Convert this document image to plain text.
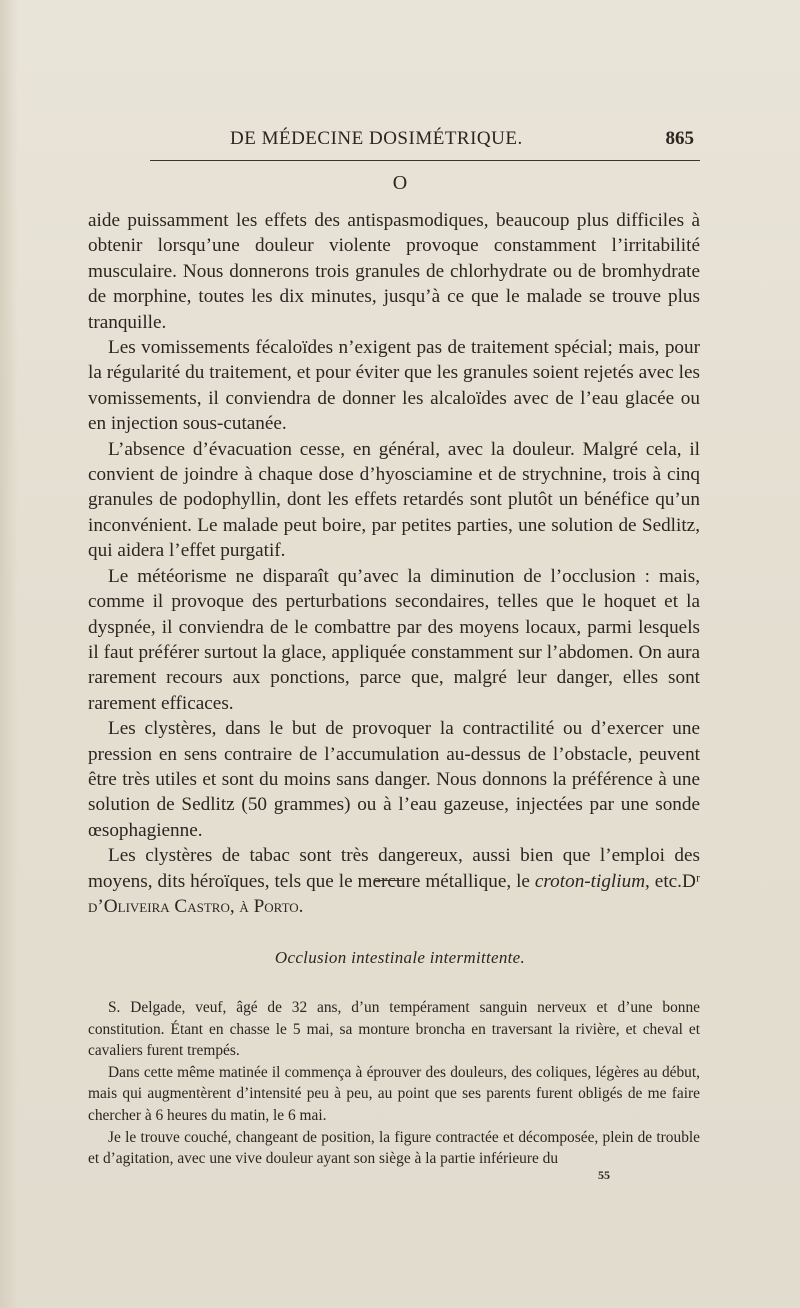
DE MÉDECINE DOSIMÉTRIQUE.	865
O

aide puissamment les effets des antispasmodiques, beaucoup plus difficiles à obtenir lorsqu’une douleur violente provoque constamment l’irritabilité musculaire. Nous donnerons trois granules de chlorhydrate ou de bromhydrate de morphine, toutes les dix minutes, jusqu’à ce que le malade se trouve plus tranquille.

Les vomissements fécaloïdes n’exigent pas de traitement spécial; mais, pour la régularité du traitement, et pour éviter que les granules soient rejetés avec les vomissements, il conviendra de donner les alcaloïdes avec de l’eau glacée ou en injection sous-cutanée.

L’absence d’évacuation cesse, en général, avec la douleur. Malgré cela, il convient de joindre à chaque dose d’hyosciamine et de strychnine, trois à cinq granules de podophyllin, dont les effets retardés sont plutôt un bénéfice qu’un inconvénient. Le malade peut boire, par petites parties, une solution de Sedlitz, qui aidera l’effet purgatif.

Le météorisme ne disparaît qu’avec la diminution de l’occlusion : mais, comme il provoque des perturbations secondaires, telles que le hoquet et la dyspnée, il conviendra de le combattre par des moyens locaux, parmi lesquels il faut préférer surtout la glace, appliquée constamment sur l’abdomen. On aura rarement recours aux ponctions, parce que, malgré leur danger, elles sont rarement efficaces.

Les clystères, dans le but de provoquer la contractilité ou d’exercer une pression en sens contraire de l’accumulation au-dessus de l’obstacle, peuvent être très utiles et sont du moins sans danger. Nous donnons la préférence à une solution de Sedlitz (50 grammes) ou à l’eau gazeuse, injectées par une sonde œsophagienne.

Les clystères de tabac sont très dangereux, aussi bien que l’emploi des moyens, dits héroïques, tels que le mercure métallique, le croton-tiglium, etc.Dʳ d’Oliveira Castro, à Porto.

Occlusion intestinale intermittente.

S. Delgade, veuf, âgé de 32 ans, d’un tempérament sanguin nerveux et d’une bonne constitution. Étant en chasse le 5 mai, sa monture broncha en traversant la rivière, et cheval et cavaliers furent trempés.

Dans cette même matinée il commença à éprouver des douleurs, des coliques, légères au début, mais qui augmentèrent d’intensité peu à peu, au point que ses parents furent obligés de me faire chercher à 6 heures du matin, le 6 mai.

Je le trouve couché, changeant de position, la figure contractée et décomposée, plein de trouble et d’agitation, avec une vive douleur ayant son siège à la partie inférieure du

55
